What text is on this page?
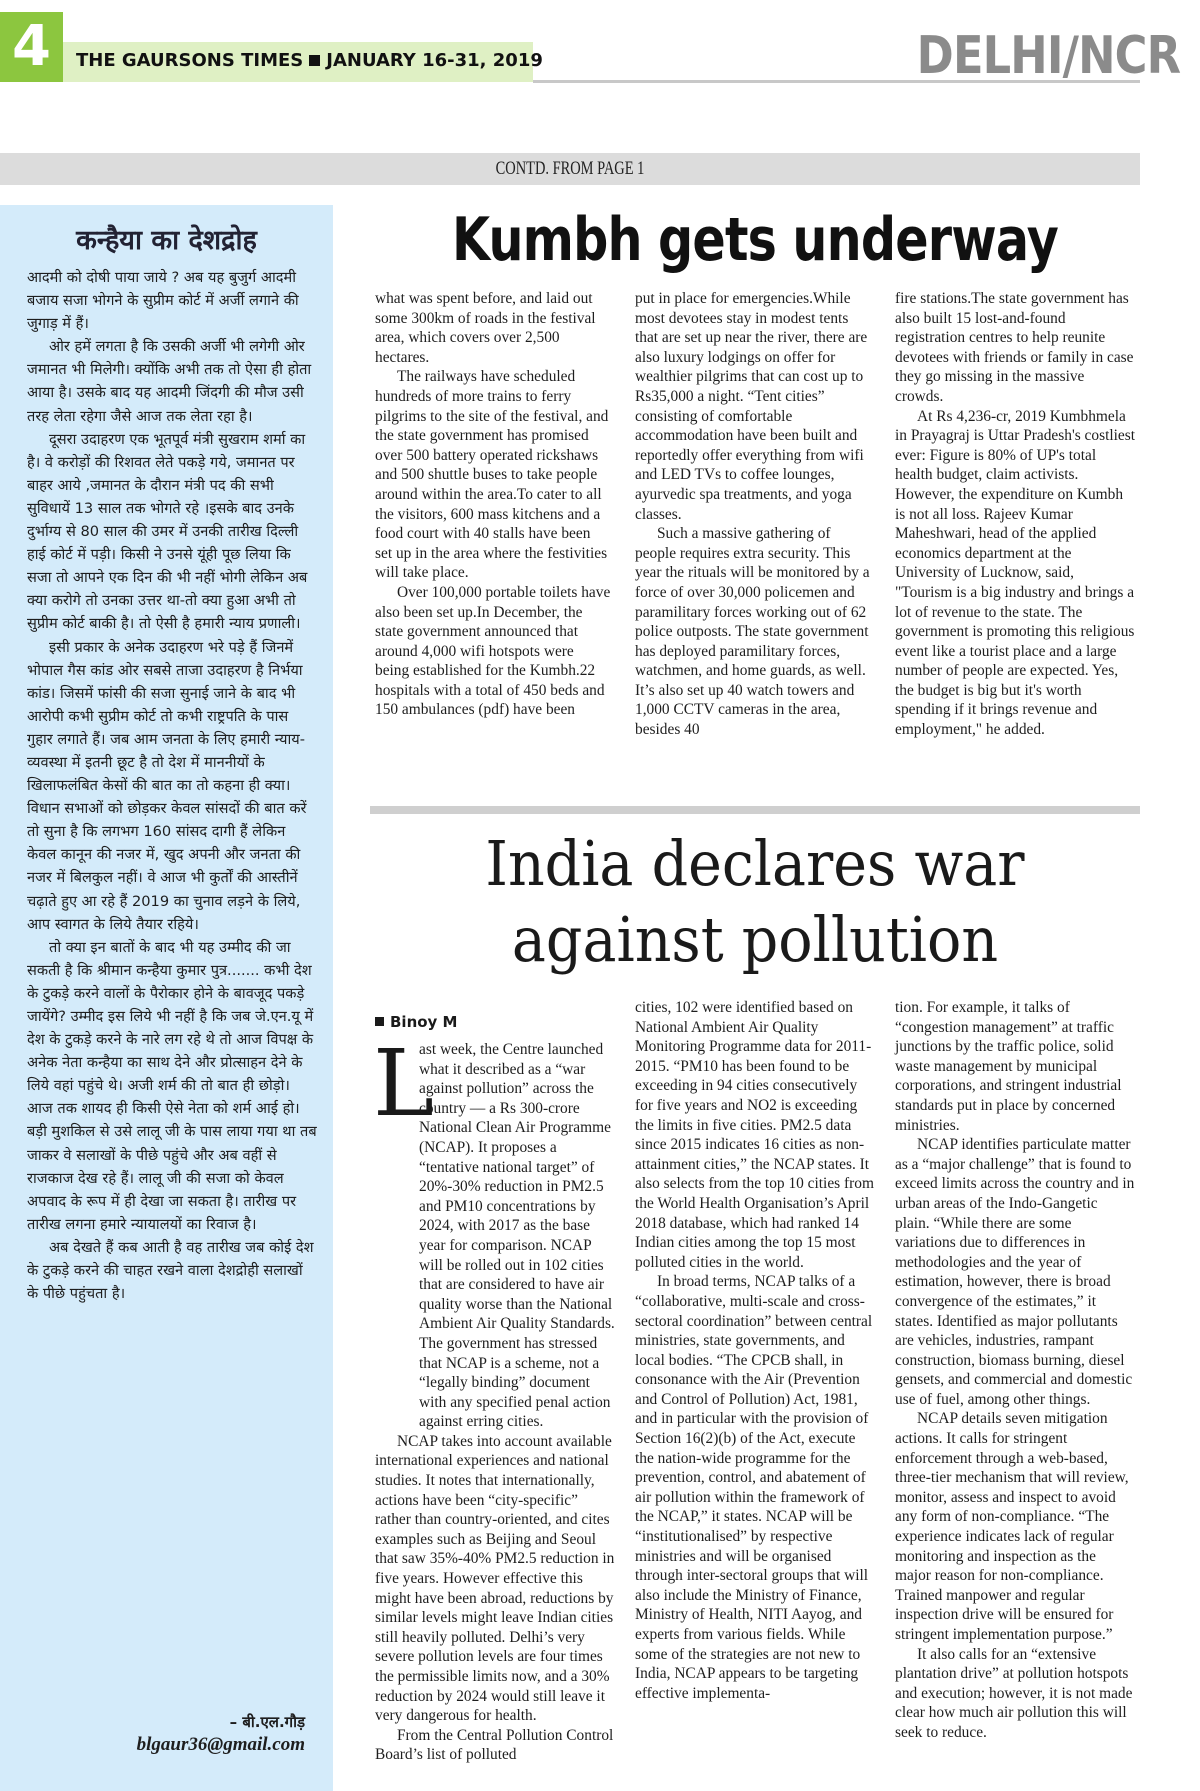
4	THE GAURSONS TIMES JANUARY 16-31, 2019	DELHI/NCR
CONTD. FROM PAGE 1
कन्हैया का देशद्रोह

आदमी को दोषी पाया जाये ? अब यह बुजुर्ग आदमी बजाय सजा भोगने के सुप्रीम कोर्ट में अर्जी लगाने की जुगाड़ में हैं।

ओर हमें लगता है कि उसकी अर्जी भी लगेगी ओर जमानत भी मिलेगी। क्योंकि अभी तक तो ऐसा ही होता आया है। उसके बाद यह आदमी जिंदगी की मौज उसी तरह लेता रहेगा जैसे आज तक लेता रहा है।

दूसरा उदाहरण एक भूतपूर्व मंत्री सुखराम शर्मा का है। वे करोड़ों की रिशवत लेते पकड़े गये, जमानत पर बाहर आये ,जमानत के दौरान मंत्री पद की सभी सुविधायें 13 साल तक भोगते रहे ।इसके बाद उनके दुर्भाग्य से 80 साल की उमर में उनकी तारीख दिल्ली हाई कोर्ट में पड़ी। किसी ने उनसे यूंही पूछ लिया कि सजा तो आपने एक दिन की भी नहीं भोगी लेकिन अब क्या करोगे तो उनका उत्तर था-तो क्या हुआ अभी तो सुप्रीम कोर्ट बाकी है। तो ऐसी है हमारी न्याय प्रणाली।

इसी प्रकार के अनेक उदाहरण भरे पड़े हैं जिनमें भोपाल गैस कांड ओर सबसे ताजा उदाहरण है निर्भया कांड। जिसमें फांसी की सजा सुनाई जाने के बाद भी आरोपी कभी सुप्रीम कोर्ट तो कभी राष्ट्रपति के पास गुहार लगाते हैं। जब आम जनता के लिए हमारी न्याय-व्यवस्था में इतनी छूट है तो देश में माननीयों के खिलाफलंबित केसों की बात का तो कहना ही क्या। विधान सभाओं को छोड़कर केवल सांसदों की बात करें तो सुना है कि लगभग 160 सांसद दागी हैं लेकिन केवल कानून की नजर में, खुद अपनी और जनता की नजर में बिलकुल नहीं। वे आज भी कुर्तों की आस्तीनें चढ़ाते हुए आ रहे हैं 2019 का चुनाव लड़ने के लिये, आप स्वागत के लिये तैयार रहिये।

तो क्या इन बातों के बाद भी यह उम्मीद की जा सकती है कि श्रीमान कन्हैया कुमार पुत्र....... कभी देश के टुकड़े करने वालों के पैरोकार होने के बावजूद पकड़े जायेंगे? उम्मीद इस लिये भी नहीं है कि जब जे.एन.यू में देश के टुकड़े करने के नारे लग रहे थे तो आज विपक्ष के अनेक नेता कन्हैया का साथ देने और प्रोत्साहन देने के लिये वहां पहुंचे थे। अजी शर्म की तो बात ही छोड़ो। आज तक शायद ही किसी ऐसे नेता को शर्म आई हो। बड़ी मुशकिल से उसे लालू जी के पास लाया गया था तब जाकर वे सलाखों के पीछे पहुंचे और अब वहीं से राजकाज देख रहे हैं। लालू जी की सजा को केवल अपवाद के रूप में ही देखा जा सकता है। तारीख पर तारीख लगना हमारे न्यायालयों का रिवाज है।

अब देखते हैं कब आती है वह तारीख जब कोई देश के टुकड़े करने की चाहत रखने वाला देशद्रोही सलाखों के पीछे पहुंचता है।

– बी.एल.गौड़
blgaur36@gmail.com
Kumbh gets underway

what was spent before, and laid out some 300km of roads in the festival area, which covers over 2,500 hectares.

The railways have scheduled hundreds of more trains to ferry pilgrims to the site of the festival, and the state government has promised over 500 battery operated rickshaws and 500 shuttle buses to take people around within the area.To cater to all the visitors, 600 mass kitchens and a food court with 40 stalls have been set up in the area where the festivities will take place.

Over 100,000 portable toilets have also been set up.In December, the state government announced that around 4,000 wifi hotspots were being established for the Kumbh.22 hospitals with a total of 450 beds and 150 ambulances (pdf) have been

put in place for emergencies.While most devotees stay in modest tents that are set up near the river, there are also luxury lodgings on offer for wealthier pilgrims that can cost up to Rs35,000 a night. “Tent cities” consisting of comfortable accommodation have been built and reportedly offer everything from wifi and LED TVs to coffee lounges, ayurvedic spa treatments, and yoga classes.

Such a massive gathering of people requires extra security. This year the rituals will be monitored by a force of over 30,000 policemen and paramilitary forces working out of 62 police outposts. The state government has deployed paramilitary forces, watchmen, and home guards, as well. It’s also set up 40 watch towers and 1,000 CCTV cameras in the area, besides 40

fire stations.The state government has also built 15 lost-and-found registration centres to help reunite devotees with friends or family in case they go missing in the massive crowds.

At Rs 4,236-cr, 2019 Kumbhmela in Prayagraj is Uttar Pradesh's costliest ever: Figure is 80% of UP's total health budget, claim activists. However, the expenditure on Kumbh is not all loss. Rajeev Kumar Maheshwari, head of the applied economics department at the University of Lucknow, said, "Tourism is a big industry and brings a lot of revenue to the state. The government is promoting this religious event like a tourist place and a large number of people are expected. Yes, the budget is big but it's worth spending if it brings revenue and employment," he added.

India declares war
against pollution
Binoy M
L

ast week, the Centre launched what it described as a “war against pollution” across the country — a Rs 300-crore National Clean Air Programme (NCAP). It proposes a “tentative national target” of 20%-30% reduction in PM2.5 and PM10 concentrations by 2024, with 2017 as the base year for comparison. NCAP will be rolled out in 102 cities that are considered to have air quality worse than the National Ambient Air Quality Standards. The government has stressed that NCAP is a scheme, not a “legally binding” document with any specified penal action against erring cities.

NCAP takes into account available international experiences and national studies. It notes that internationally, actions have been “city-specific” rather than country-oriented, and cites examples such as Beijing and Seoul that saw 35%-40% PM2.5 reduction in five years. However effective this might have been abroad, reductions by similar levels might leave Indian cities still heavily polluted. Delhi’s very severe pollution levels are four times the permissible limits now, and a 30% reduction by 2024 would still leave it very dangerous for health.

From the Central Pollution Control Board’s list of polluted

cities, 102 were identified based on National Ambient Air Quality Monitoring Programme data for 2011-2015. “PM10 has been found to be exceeding in 94 cities consecutively for five years and NO2 is exceeding the limits in five cities. PM2.5 data since 2015 indicates 16 cities as non-attainment cities,” the NCAP states. It also selects from the top 10 cities from the World Health Organisation’s April 2018 database, which had ranked 14 Indian cities among the top 15 most polluted cities in the world.

In broad terms, NCAP talks of a “collaborative, multi-scale and cross-sectoral coordination” between central ministries, state governments, and local bodies. “The CPCB shall, in consonance with the Air (Prevention and Control of Pollution) Act, 1981, and in particular with the provision of Section 16(2)(b) of the Act, execute the nation-wide programme for the prevention, control, and abatement of air pollution within the framework of the NCAP,” it states. NCAP will be “institutionalised” by respective ministries and will be organised through inter-sectoral groups that will also include the Ministry of Finance, Ministry of Health, NITI Aayog, and experts from various fields. While some of the strategies are not new to India, NCAP appears to be targeting effective implementa-

tion. For example, it talks of “congestion management” at traffic junctions by the traffic police, solid waste management by municipal corporations, and stringent industrial standards put in place by concerned ministries.

NCAP identifies particulate matter as a “major challenge” that is found to exceed limits across the country and in urban areas of the Indo-Gangetic plain. “While there are some variations due to differences in methodologies and the year of estimation, however, there is broad convergence of the estimates,” it states. Identified as major pollutants are vehicles, industries, rampant construction, biomass burning, diesel gensets, and commercial and domestic use of fuel, among other things.

NCAP details seven mitigation actions. It calls for stringent enforcement through a web-based, three-tier mechanism that will review, monitor, assess and inspect to avoid any form of non-compliance. “The experience indicates lack of regular monitoring and inspection as the major reason for non-compliance. Trained manpower and regular inspection drive will be ensured for stringent implementation purpose.”

It also calls for an “extensive plantation drive” at pollution hotspots and execution; however, it is not made clear how much air pollution this will seek to reduce.
